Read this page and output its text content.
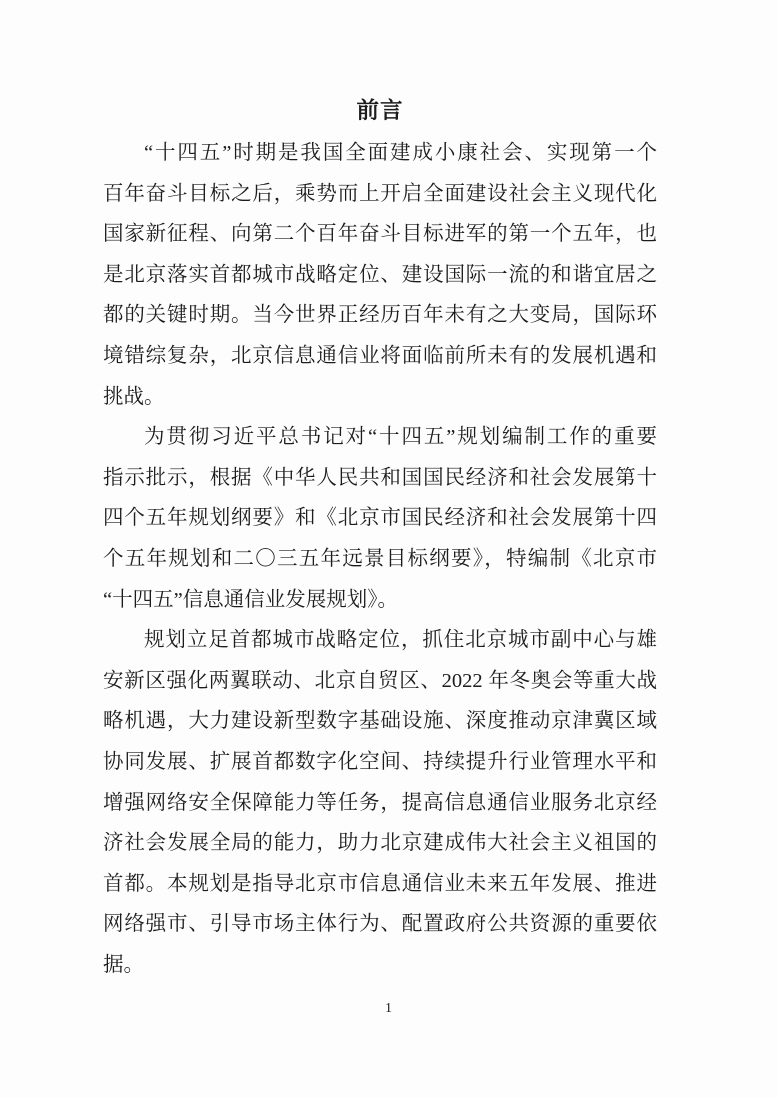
前言
“十四五”时期是我国全面建成小康社会、实现第一个
百年奋斗目标之后，乘势而上开启全面建设社会主义现代化
国家新征程、向第二个百年奋斗目标进军的第一个五年，也
是北京落实首都城市战略定位、建设国际一流的和谐宜居之
都的关键时期。当今世界正经历百年未有之大变局，国际环
境错综复杂，北京信息通信业将面临前所未有的发展机遇和
挑战。
为贯彻习近平总书记对“十四五”规划编制工作的重要
指示批示，根据《中华人民共和国国民经济和社会发展第十
四个五年规划纲要》和《北京市国民经济和社会发展第十四
个五年规划和二〇三五年远景目标纲要》，特编制《北京市
“十四五”信息通信业发展规划》。
规划立足首都城市战略定位，抓住北京城市副中心与雄
安新区强化两翼联动、北京自贸区、2022 年冬奥会等重大战
略机遇，大力建设新型数字基础设施、深度推动京津冀区域
协同发展、扩展首都数字化空间、持续提升行业管理水平和
增强网络安全保障能力等任务，提高信息通信业服务北京经
济社会发展全局的能力，助力北京建成伟大社会主义祖国的
首都。本规划是指导北京市信息通信业未来五年发展、推进
网络强市、引导市场主体行为、配置政府公共资源的重要依
据。
1
